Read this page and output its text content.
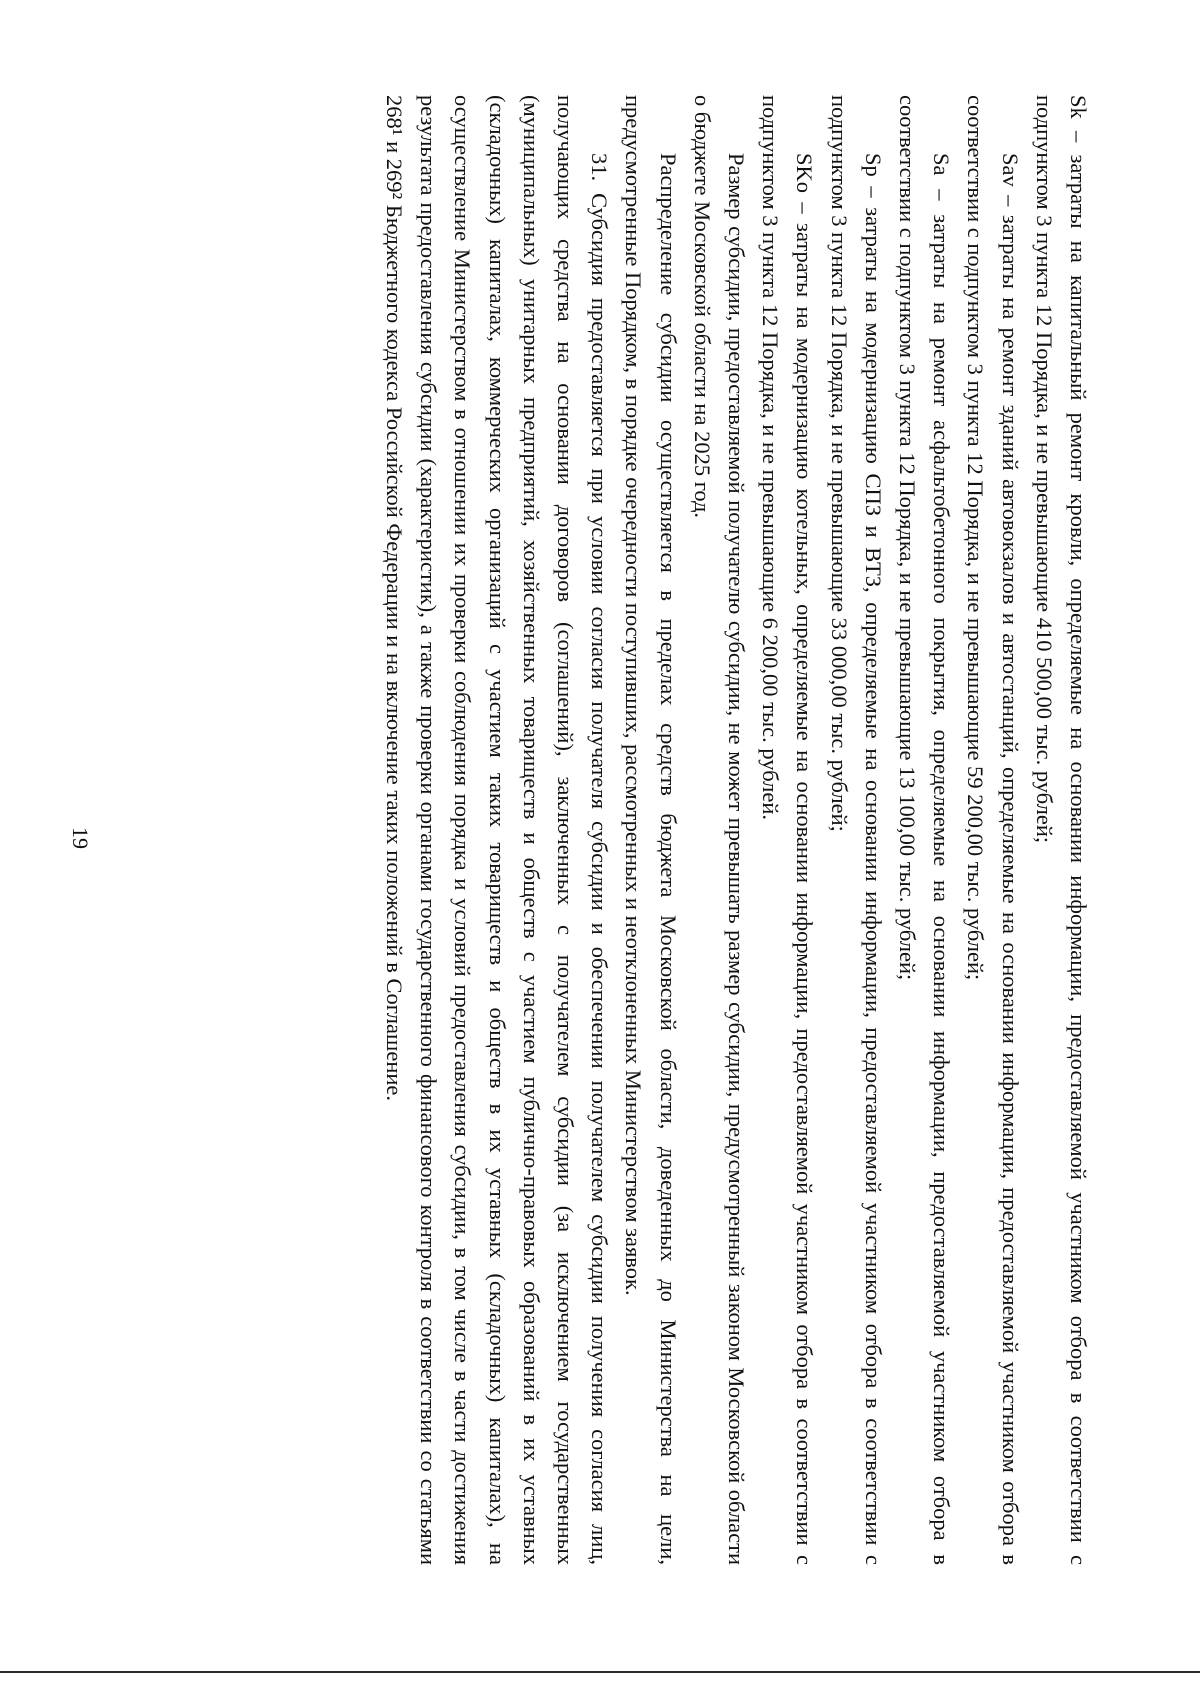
19	Sk – затраты на капитальный ремонт кровли, определяемые на основании информации, предоставляемой участником отбора в соответствии с подпунктом 3 пункта 12 Порядка, и не превышающие 410 500,00 тыс. рублей;

Sav – затраты на ремонт зданий автовокзалов и автостанций, определяемые на основании информации, предоставляемой участником отбора в соответствии с подпунктом 3 пункта 12 Порядка, и не превышающие 59 200,00 тыс. рублей;

Sa – затраты на ремонт асфальтобетонного покрытия, определяемые на основании информации, предоставляемой участником отбора в соответствии с подпунктом 3 пункта 12 Порядка, и не превышающие 13 100,00 тыс. рублей;

Sp – затраты на модернизацию СПЗ и ВТЗ, определяемые на основании информации, предоставляемой участником отбора в соответствии с подпунктом 3 пункта 12 Порядка, и не превышающие 33 000,00 тыс. рублей;

SKo – затраты на модернизацию котельных, определяемые на основании информации, предоставляемой участником отбора в соответствии с подпунктом 3 пункта 12 Порядка, и не превышающие 6 200,00 тыс. рублей.

Размер субсидии, предоставляемой получателю субсидии, не может превышать размер субсидии, предусмотренный законом Московской области о бюджете Московской области на 2025 год.

Распределение субсидии осуществляется в пределах средств бюджета Московской области, доведенных до Министерства на цели, предусмотренные Порядком, в порядке очередности поступивших, рассмотренных и неотклоненных Министерством заявок.

31. Субсидия предоставляется при условии согласия получателя субсидии и обеспечении получателем субсидии получения согласия лиц, получающих средства на основании договоров (соглашений), заключенных с получателем субсидии (за исключением государственных (муниципальных) унитарных предприятий, хозяйственных товариществ и обществ с участием публично-правовых образований в их уставных (складочных) капиталах, коммерческих организаций с участием таких товариществ и обществ в их уставных (складочных) капиталах), на осуществление Министерством в отношении их проверки соблюдения порядка и условий предоставления субсидии, в том числе в части достижения результата предоставления субсидии (характеристик), а также проверки органами государственного финансового контроля в соответствии со статьями 268¹ и 269² Бюджетного кодекса Российской Федерации и на включение таких положений в Соглашение.
